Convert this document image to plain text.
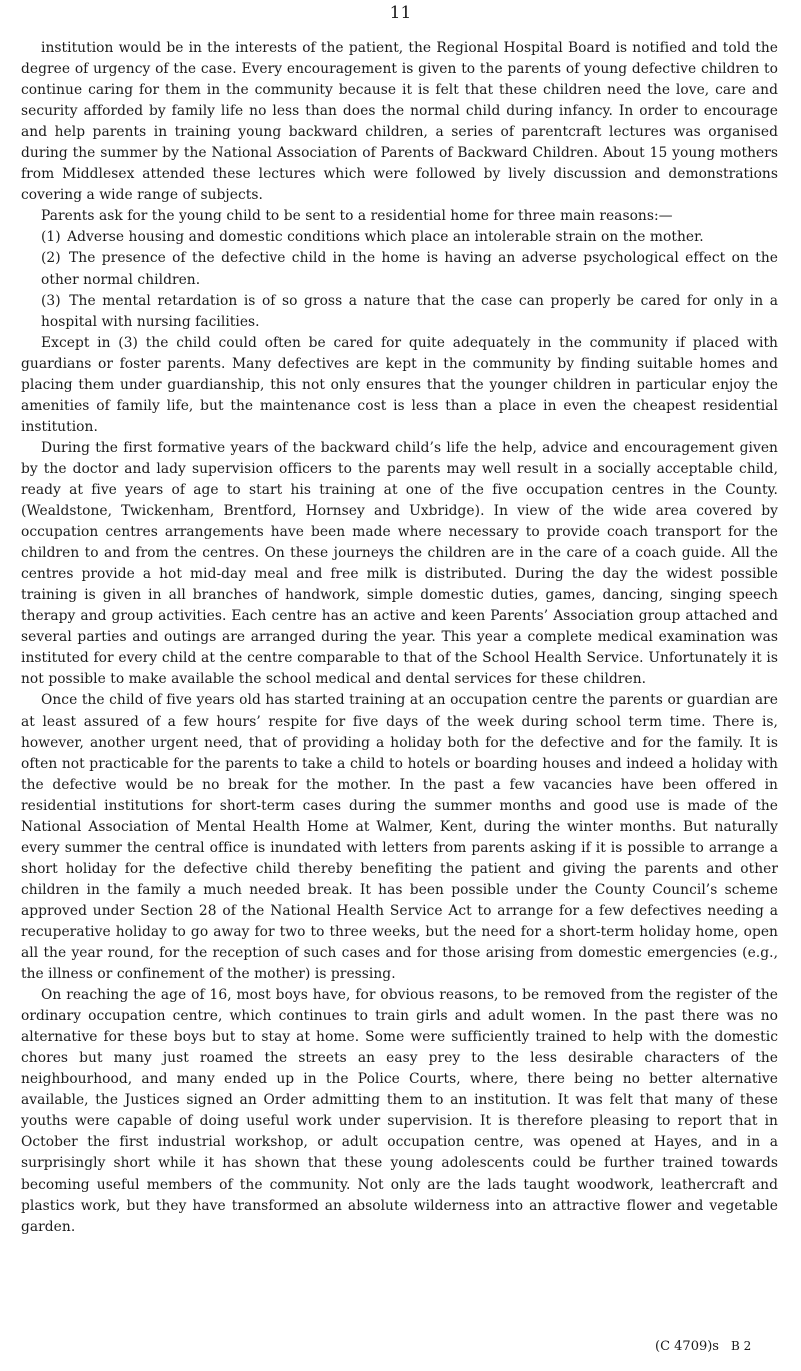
11

institution would be in the interests of the patient, the Regional Hospital Board is notified and told the degree of urgency of the case. Every encouragement is given to the parents of young defective children to continue caring for them in the community because it is felt that these children need the love, care and security afforded by family life no less than does the normal child during infancy. In order to encourage and help parents in training young backward children, a series of parentcraft lectures was organised during the summer by the National Association of Parents of Backward Children. About 15 young mothers from Middlesex attended these lectures which were followed by lively discussion and demonstrations covering a wide range of subjects.

Parents ask for the young child to be sent to a residential home for three main reasons:—

(1) Adverse housing and domestic conditions which place an intolerable strain on the mother.

(2) The presence of the defective child in the home is having an adverse psychological effect on the other normal children.

(3) The mental retardation is of so gross a nature that the case can properly be cared for only in a hospital with nursing facilities.

Except in (3) the child could often be cared for quite adequately in the community if placed with guardians or foster parents. Many defectives are kept in the community by finding suitable homes and placing them under guardianship, this not only ensures that the younger children in particular enjoy the amenities of family life, but the maintenance cost is less than a place in even the cheapest residential institution.

During the first formative years of the backward child’s life the help, advice and encouragement given by the doctor and lady supervision officers to the parents may well result in a socially acceptable child, ready at five years of age to start his training at one of the five occupation centres in the County. (Wealdstone, Twickenham, Brentford, Hornsey and Uxbridge). In view of the wide area covered by occupation centres arrangements have been made where necessary to provide coach transport for the children to and from the centres. On these journeys the children are in the care of a coach guide. All the centres provide a hot mid-day meal and free milk is distributed. During the day the widest possible training is given in all branches of handwork, simple domestic duties, games, dancing, singing speech therapy and group activities. Each centre has an active and keen Parents’ Association group attached and several parties and outings are arranged during the year. This year a complete medical examination was instituted for every child at the centre comparable to that of the School Health Service. Unfortunately it is not possible to make available the school medical and dental services for these children.

Once the child of five years old has started training at an occupation centre the parents or guardian are at least assured of a few hours’ respite for five days of the week during school term time. There is, however, another urgent need, that of providing a holiday both for the defective and for the family. It is often not practicable for the parents to take a child to hotels or boarding houses and indeed a holiday with the defective would be no break for the mother. In the past a few vacancies have been offered in residential institutions for short-term cases during the summer months and good use is made of the National Association of Mental Health Home at Walmer, Kent, during the winter months. But naturally every summer the central office is inundated with letters from parents asking if it is possible to arrange a short holiday for the defective child thereby benefiting the patient and giving the parents and other children in the family a much needed break. It has been possible under the County Council’s scheme approved under Section 28 of the National Health Service Act to arrange for a few defectives needing a recuperative holiday to go away for two to three weeks, but the need for a short-term holiday home, open all the year round, for the reception of such cases and for those arising from domestic emergencies (e.g., the illness or confinement of the mother) is pressing.

On reaching the age of 16, most boys have, for obvious reasons, to be removed from the register of the ordinary occupation centre, which continues to train girls and adult women. In the past there was no alternative for these boys but to stay at home. Some were sufficiently trained to help with the domestic chores but many just roamed the streets an easy prey to the less desirable characters of the neighbourhood, and many ended up in the Police Courts, where, there being no better alternative available, the Justices signed an Order admitting them to an institution. It was felt that many of these youths were capable of doing useful work under supervision. It is therefore pleasing to report that in October the first industrial workshop, or adult occupation centre, was opened at Hayes, and in a surprisingly short while it has shown that these young adolescents could be further trained towards becoming useful members of the community. Not only are the lads taught woodwork, leathercraft and plastics work, but they have transformed an absolute wilderness into an attractive flower and vegetable garden.

(C 4709)s B 2
